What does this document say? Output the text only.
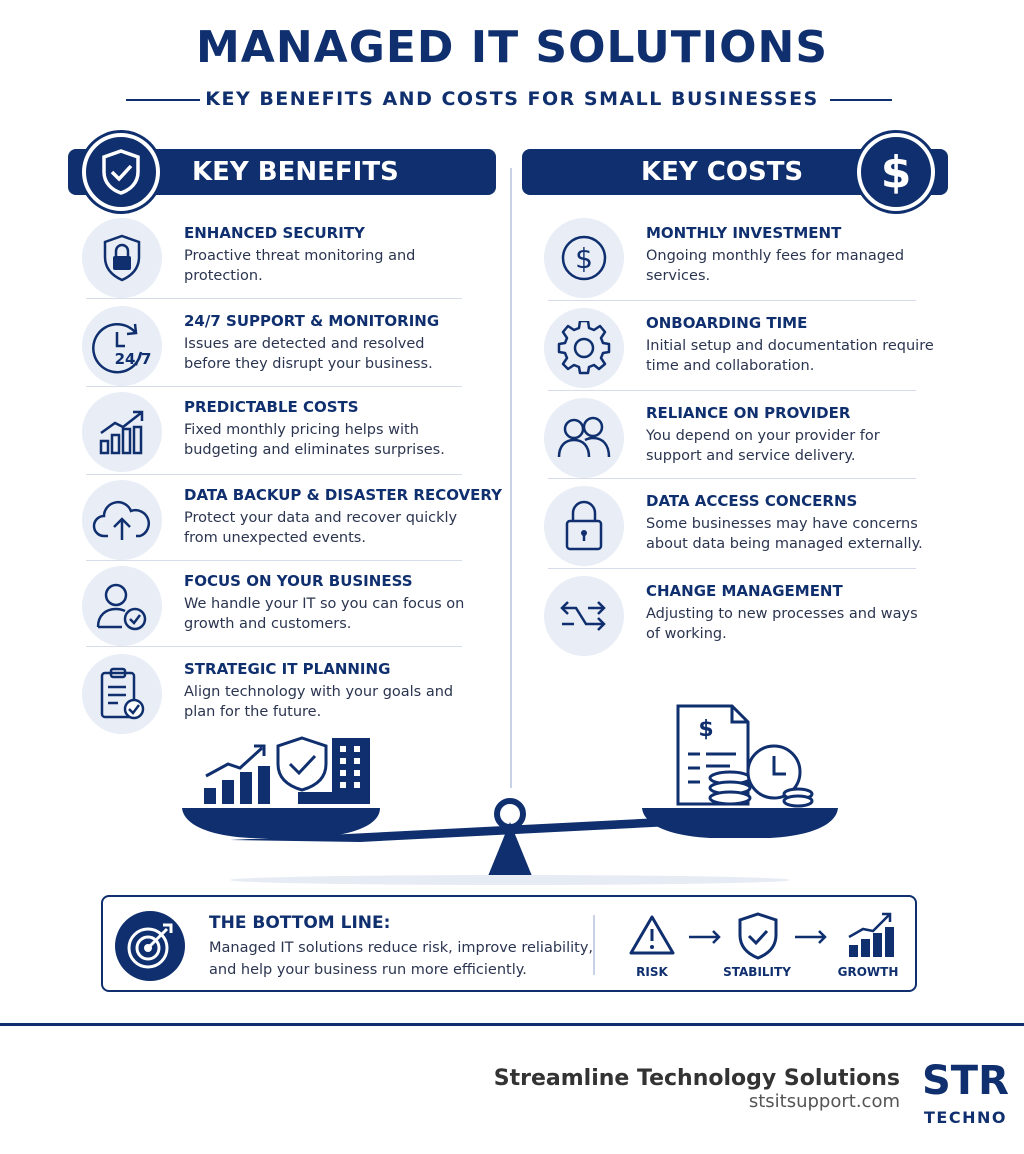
MANAGED IT SOLUTIONS
KEY BENEFITS AND COSTS FOR SMALL BUSINESSES
KEY BENEFITS	KEY COSTS $
ENHANCED SECURITY
Proactive threat monitoring and protection.
24/7
24/7 SUPPORT & MONITORING
Issues are detected and resolved before they disrupt your business.
PREDICTABLE COSTS
Fixed monthly pricing helps with budgeting and eliminates surprises.
DATA BACKUP & DISASTER RECOVERY
Protect your data and recover quickly from unexpected events.
FOCUS ON YOUR BUSINESS
We handle your IT so you can focus on growth and customers.
STRATEGIC IT PLANNING
Align technology with your goals and plan for the future.
$
MONTHLY INVESTMENT
Ongoing monthly fees for managed services.
ONBOARDING TIME
Initial setup and documentation require time and collaboration.
RELIANCE ON PROVIDER
You depend on your provider for support and service delivery.
DATA ACCESS CONCERNS
Some businesses may have concerns about data being managed externally.
CHANGE MANAGEMENT
Adjusting to new processes and ways of working.
$
THE BOTTOM LINE:
Managed IT solutions reduce risk, improve reliability, and help your business run more efficiently.	RISK	STABILITY	GROWTH
Streamline Technology Solutions
stsitsupport.com STR
TECHNO
